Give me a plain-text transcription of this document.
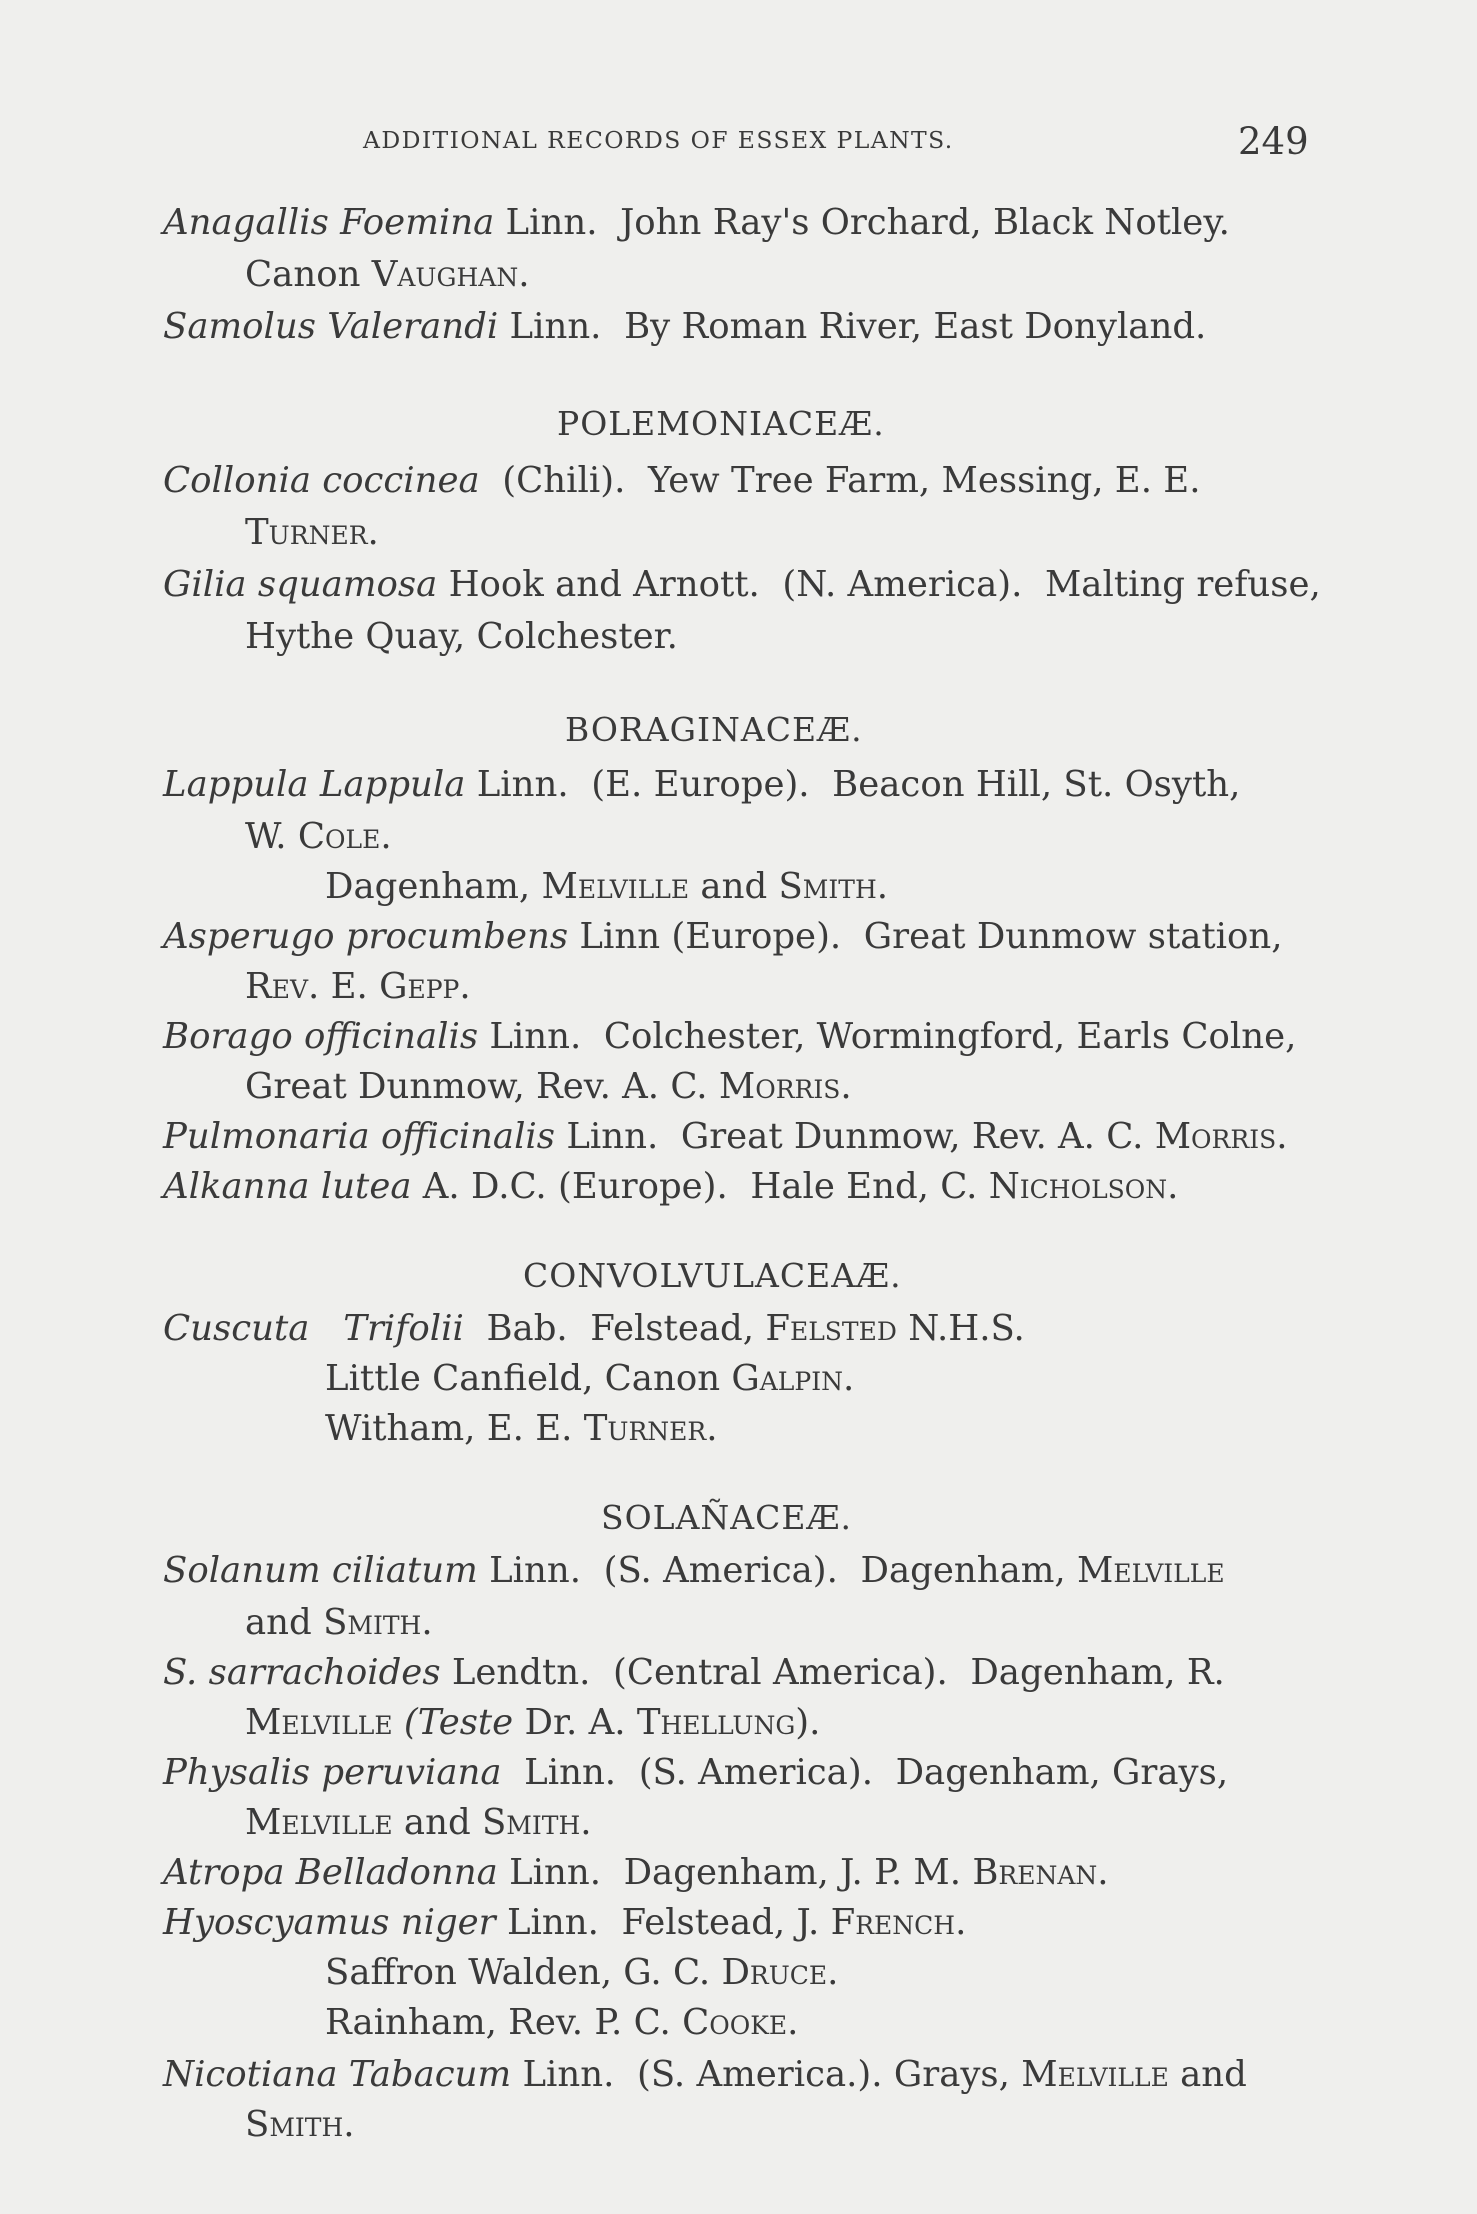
ADDITIONAL RECORDS OF ESSEX PLANTS.	249
Anagallis Foemina Linn. John Ray's Orchard, Black Notley.
Canon Vaughan.
Samolus Valerandi Linn. By Roman River, East Donyland.
POLEMONIACEÆ.
Collonia coccinea (Chili). Yew Tree Farm, Messing, E. E.
Turner.
Gilia squamosa Hook and Arnott. (N. America). Malting refuse,
Hythe Quay, Colchester.
BORAGINACEÆ.
Lappula Lappula Linn. (E. Europe). Beacon Hill, St. Osyth,
W. Cole.
Dagenham, Melville and Smith.
Asperugo procumbens Linn (Europe). Great Dunmow station,
Rev. E. Gepp.
Borago officinalis Linn. Colchester, Wormingford, Earls Colne,
Great Dunmow, Rev. A. C. Morris.
Pulmonaria officinalis Linn. Great Dunmow, Rev. A. C. Morris.
Alkanna lutea A. D.C. (Europe). Hale End, C. Nicholson.
CONVOLVULACEAÆ.
Cuscuta Trifolii Bab. Felstead, Felsted N.H.S.
Little Canfield, Canon Galpin.
Witham, E. E. Turner.
SOLAÑACEÆ.
Solanum ciliatum Linn. (S. America). Dagenham, Melville
and Smith.
S. sarrachoides Lendtn. (Central America). Dagenham, R.
Melville (Teste Dr. A. Thellung).
Physalis peruviana Linn. (S. America). Dagenham, Grays,
Melville and Smith.
Atropa Belladonna Linn. Dagenham, J. P. M. Brenan.
Hyoscyamus niger Linn. Felstead, J. French.
Saffron Walden, G. C. Druce.
Rainham, Rev. P. C. Cooke.
Nicotiana Tabacum Linn. (S. America.). Grays, Melville and
Smith.
